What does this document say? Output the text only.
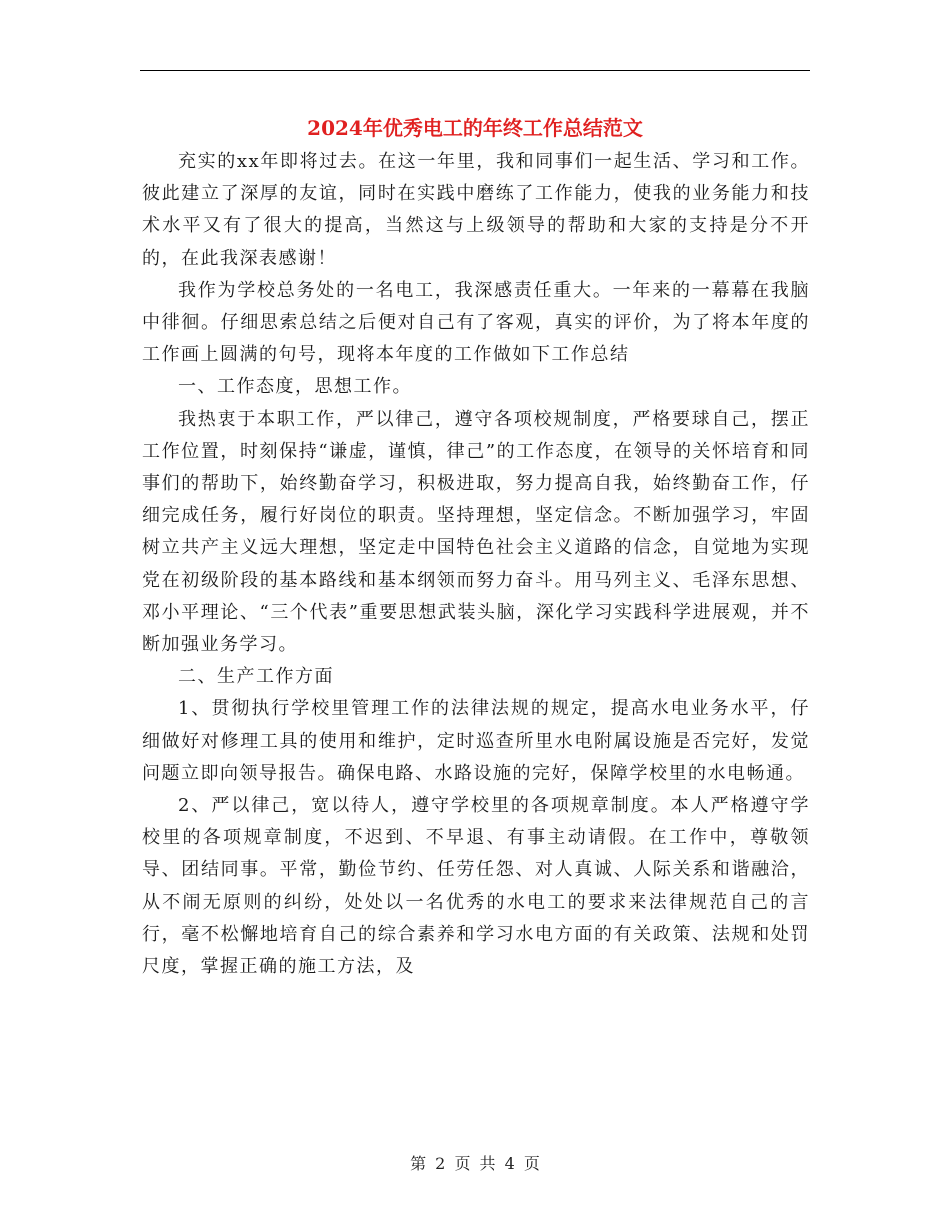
2024年优秀电工的年终工作总结范文

充实的xx年即将过去。在这一年里，我和同事们一起生活、学习和工作。彼此建立了深厚的友谊，同时在实践中磨练了工作能力，使我的业务能力和技术水平又有了很大的提高，当然这与上级领导的帮助和大家的支持是分不开的，在此我深表感谢！

我作为学校总务处的一名电工，我深感责任重大。一年来的一幕幕在我脑中徘徊。仔细思索总结之后便对自己有了客观，真实的评价，为了将本年度的工作画上圆满的句号，现将本年度的工作做如下工作总结

一、工作态度，思想工作。

我热衷于本职工作，严以律己，遵守各项校规制度，严格要球自己，摆正工作位置，时刻保持“谦虚，谨慎，律己”的工作态度，在领导的关怀培育和同事们的帮助下，始终勤奋学习，积极进取，努力提高自我，始终勤奋工作，仔细完成任务，履行好岗位的职责。坚持理想，坚定信念。不断加强学习，牢固树立共产主义远大理想，坚定走中国特色社会主义道路的信念，自觉地为实现党在初级阶段的基本路线和基本纲领而努力奋斗。用马列主义、毛泽东思想、邓小平理论、“三个代表”重要思想武装头脑，深化学习实践科学进展观，并不断加强业务学习。

二、生产工作方面

1、贯彻执行学校里管理工作的法律法规的规定，提高水电业务水平，仔细做好对修理工具的使用和维护，定时巡查所里水电附属设施是否完好，发觉问题立即向领导报告。确保电路、水路设施的完好，保障学校里的水电畅通。

2、严以律己，宽以待人，遵守学校里的各项规章制度。本人严格遵守学校里的各项规章制度，不迟到、不早退、有事主动请假。在工作中，尊敬领导、团结同事。平常，勤俭节约、任劳任怨、对人真诚、人际关系和谐融洽，从不闹无原则的纠纷，处处以一名优秀的水电工的要求来法律规范自己的言行，毫不松懈地培育自己的综合素养和学习水电方面的有关政策、法规和处罚尺度，掌握正确的施工方法，及

第 2 页 共 4 页
